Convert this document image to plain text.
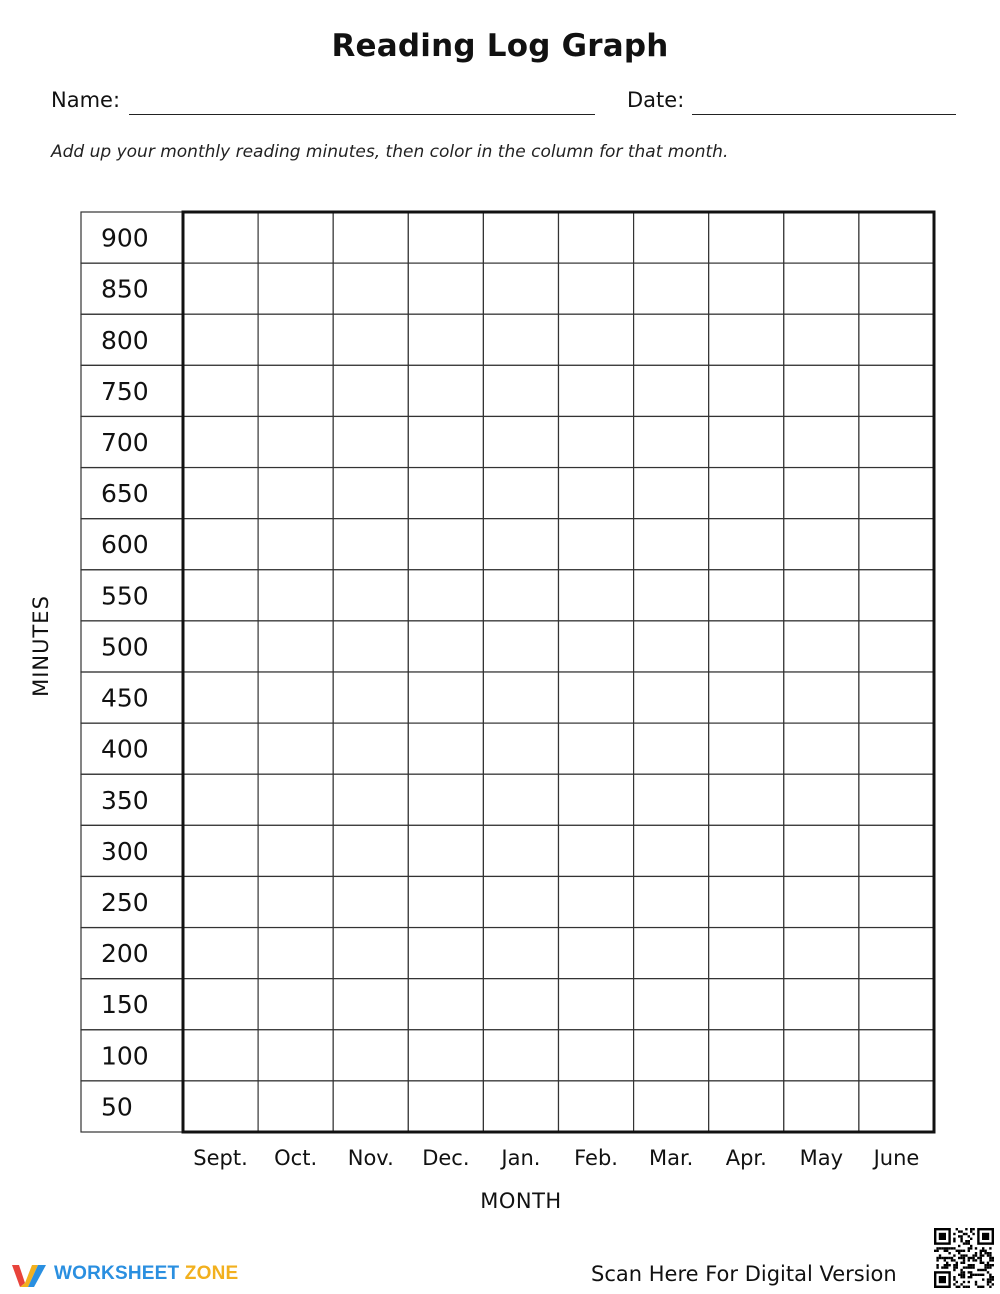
Reading Log Graph
Name:	Date:
Add up your monthly reading minutes, then color in the column for that month.
MINUTES
MONTH
900
850
800
750
700
650
600
550
500
450
400
350
300
250
200
150
100
50
Sept. Oct. Nov. Dec. Jan. Feb. Mar. Apr. May June
WORKSHEET ZONE	Scan Here For Digital Version
